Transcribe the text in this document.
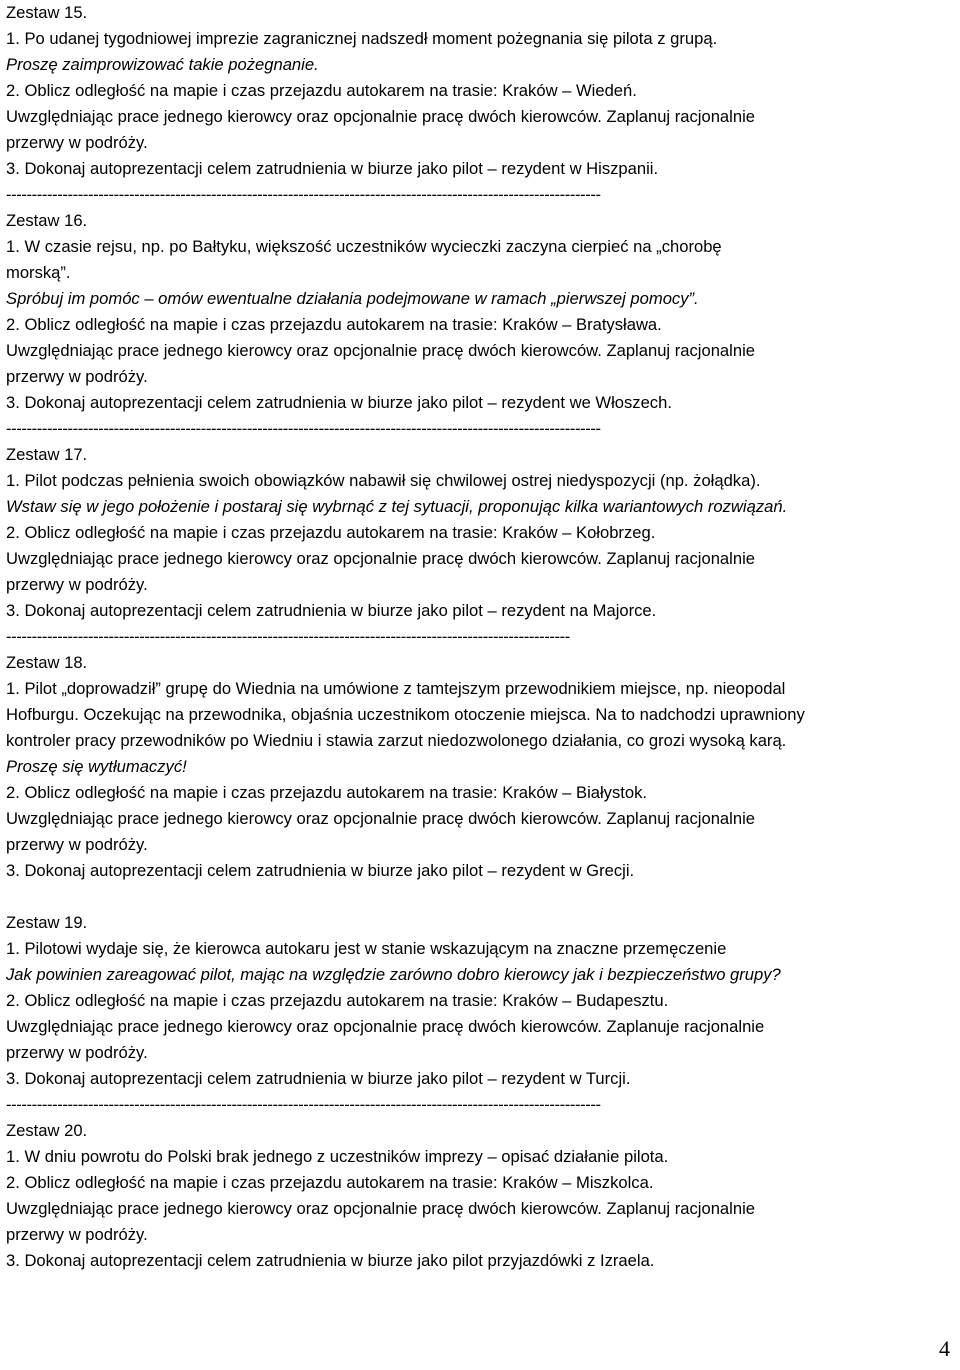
Zestaw 15.
1. Po udanej tygodniowej imprezie zagranicznej nadszedł moment pożegnania się pilota z grupą.
Proszę zaimprowizować takie pożegnanie.
2. Oblicz odległość na mapie i czas przejazdu autokarem na trasie: Kraków – Wiedeń.
Uwzględniając prace jednego kierowcy oraz opcjonalnie pracę dwóch kierowców. Zaplanuj racjonalnie
przerwy w podróży.
3. Dokonaj autoprezentacji celem zatrudnienia w biurze jako pilot – rezydent w Hiszpanii.
--------------------------------------------------------------------------------------------------------------------
Zestaw 16.
1. W czasie rejsu, np. po Bałtyku, większość uczestników wycieczki zaczyna cierpieć na „chorobę
morską”.
Spróbuj im pomóc – omów ewentualne działania podejmowane w ramach „pierwszej pomocy”.
2. Oblicz odległość na mapie i czas przejazdu autokarem na trasie: Kraków – Bratysława.
Uwzględniając prace jednego kierowcy oraz opcjonalnie pracę dwóch kierowców. Zaplanuj racjonalnie
przerwy w podróży.
3. Dokonaj autoprezentacji celem zatrudnienia w biurze jako pilot – rezydent we Włoszech.
--------------------------------------------------------------------------------------------------------------------
Zestaw 17.
1. Pilot podczas pełnienia swoich obowiązków nabawił się chwilowej ostrej niedyspozycji (np. żołądka).
Wstaw się w jego położenie i postaraj się wybrnąć z tej sytuacji, proponując kilka wariantowych rozwiązań.
2. Oblicz odległość na mapie i czas przejazdu autokarem na trasie: Kraków – Kołobrzeg.
Uwzględniając prace jednego kierowcy oraz opcjonalnie pracę dwóch kierowców. Zaplanuj racjonalnie
przerwy w podróży.
3. Dokonaj autoprezentacji celem zatrudnienia w biurze jako pilot – rezydent na Majorce.
--------------------------------------------------------------------------------------------------------------
Zestaw 18.
1. Pilot „doprowadził” grupę do Wiednia na umówione z tamtejszym przewodnikiem miejsce, np. nieopodal
Hofburgu. Oczekując na przewodnika, objaśnia uczestnikom otoczenie miejsca. Na to nadchodzi uprawniony
kontroler pracy przewodników po Wiedniu i stawia zarzut niedozwolonego działania, co grozi wysoką karą.
Proszę się wytłumaczyć!
2. Oblicz odległość na mapie i czas przejazdu autokarem na trasie: Kraków – Białystok.
Uwzględniając prace jednego kierowcy oraz opcjonalnie pracę dwóch kierowców. Zaplanuj racjonalnie
przerwy w podróży.
3. Dokonaj autoprezentacji celem zatrudnienia w biurze jako pilot – rezydent w Grecji.
Zestaw 19.
1. Pilotowi wydaje się, że kierowca autokaru jest w stanie wskazującym na znaczne przemęczenie
Jak powinien zareagować pilot, mając na względzie zarówno dobro kierowcy jak i bezpieczeństwo grupy?
2. Oblicz odległość na mapie i czas przejazdu autokarem na trasie: Kraków – Budapesztu.
Uwzględniając prace jednego kierowcy oraz opcjonalnie pracę dwóch kierowców. Zaplanuje racjonalnie
przerwy w podróży.
3. Dokonaj autoprezentacji celem zatrudnienia w biurze jako pilot – rezydent w Turcji.
--------------------------------------------------------------------------------------------------------------------
Zestaw 20.
1. W dniu powrotu do Polski brak jednego z uczestników imprezy – opisać działanie pilota.
2. Oblicz odległość na mapie i czas przejazdu autokarem na trasie: Kraków – Miszkolca.
Uwzględniając prace jednego kierowcy oraz opcjonalnie pracę dwóch kierowców. Zaplanuj racjonalnie
przerwy w podróży.
3. Dokonaj autoprezentacji celem zatrudnienia w biurze jako pilot przyjazdówki z Izraela.
4
